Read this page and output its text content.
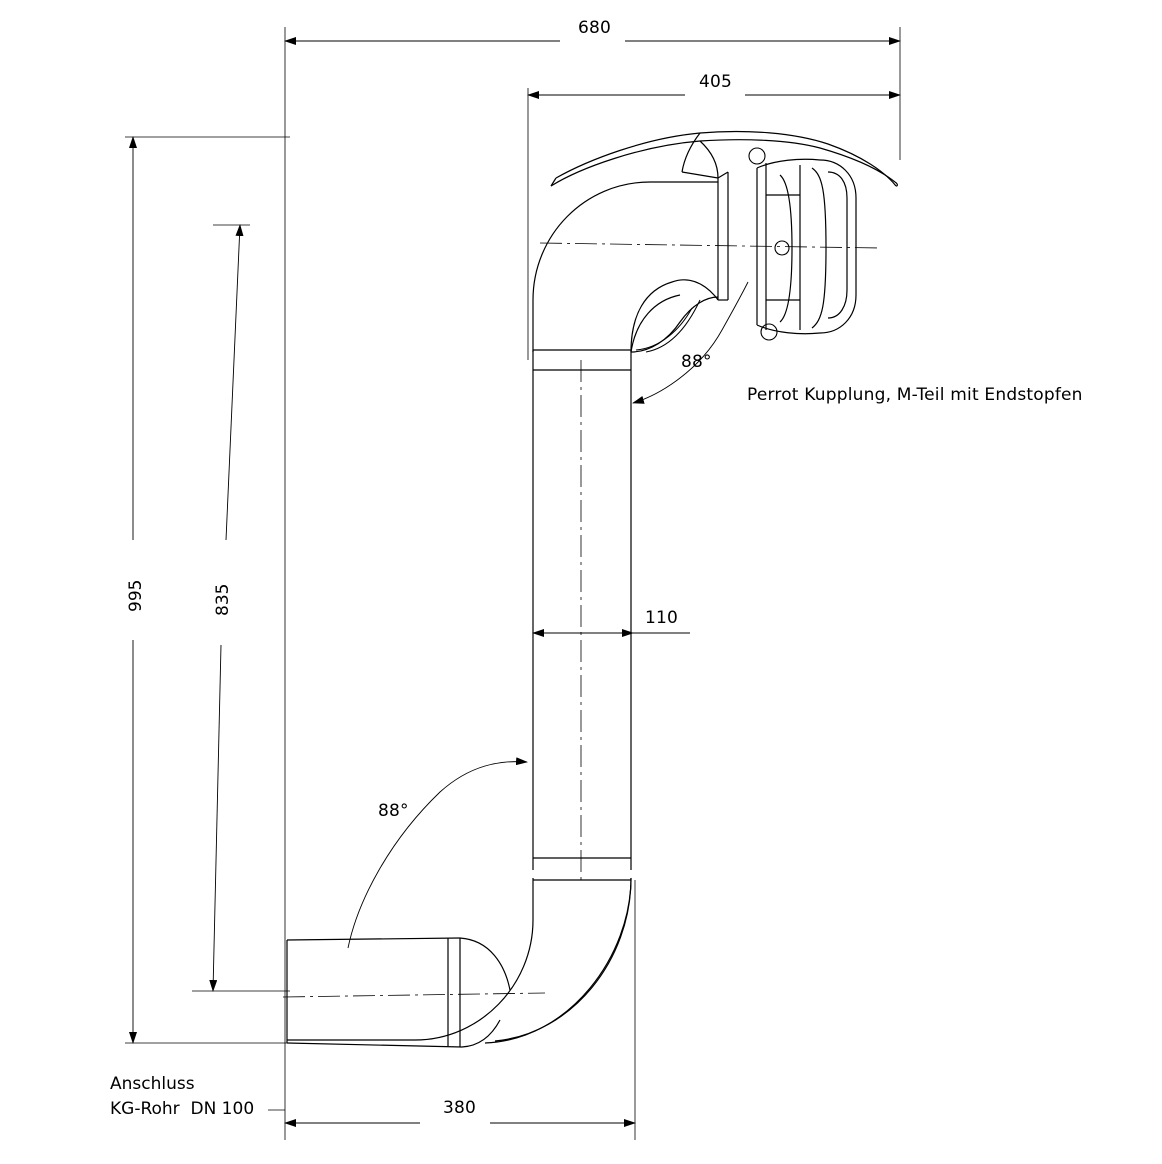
680
405
995	835
110
380
88°
88°
Perrot Kupplung, M-Teil mit Endstopfen
Anschluss
KG-Rohr  DN 100
